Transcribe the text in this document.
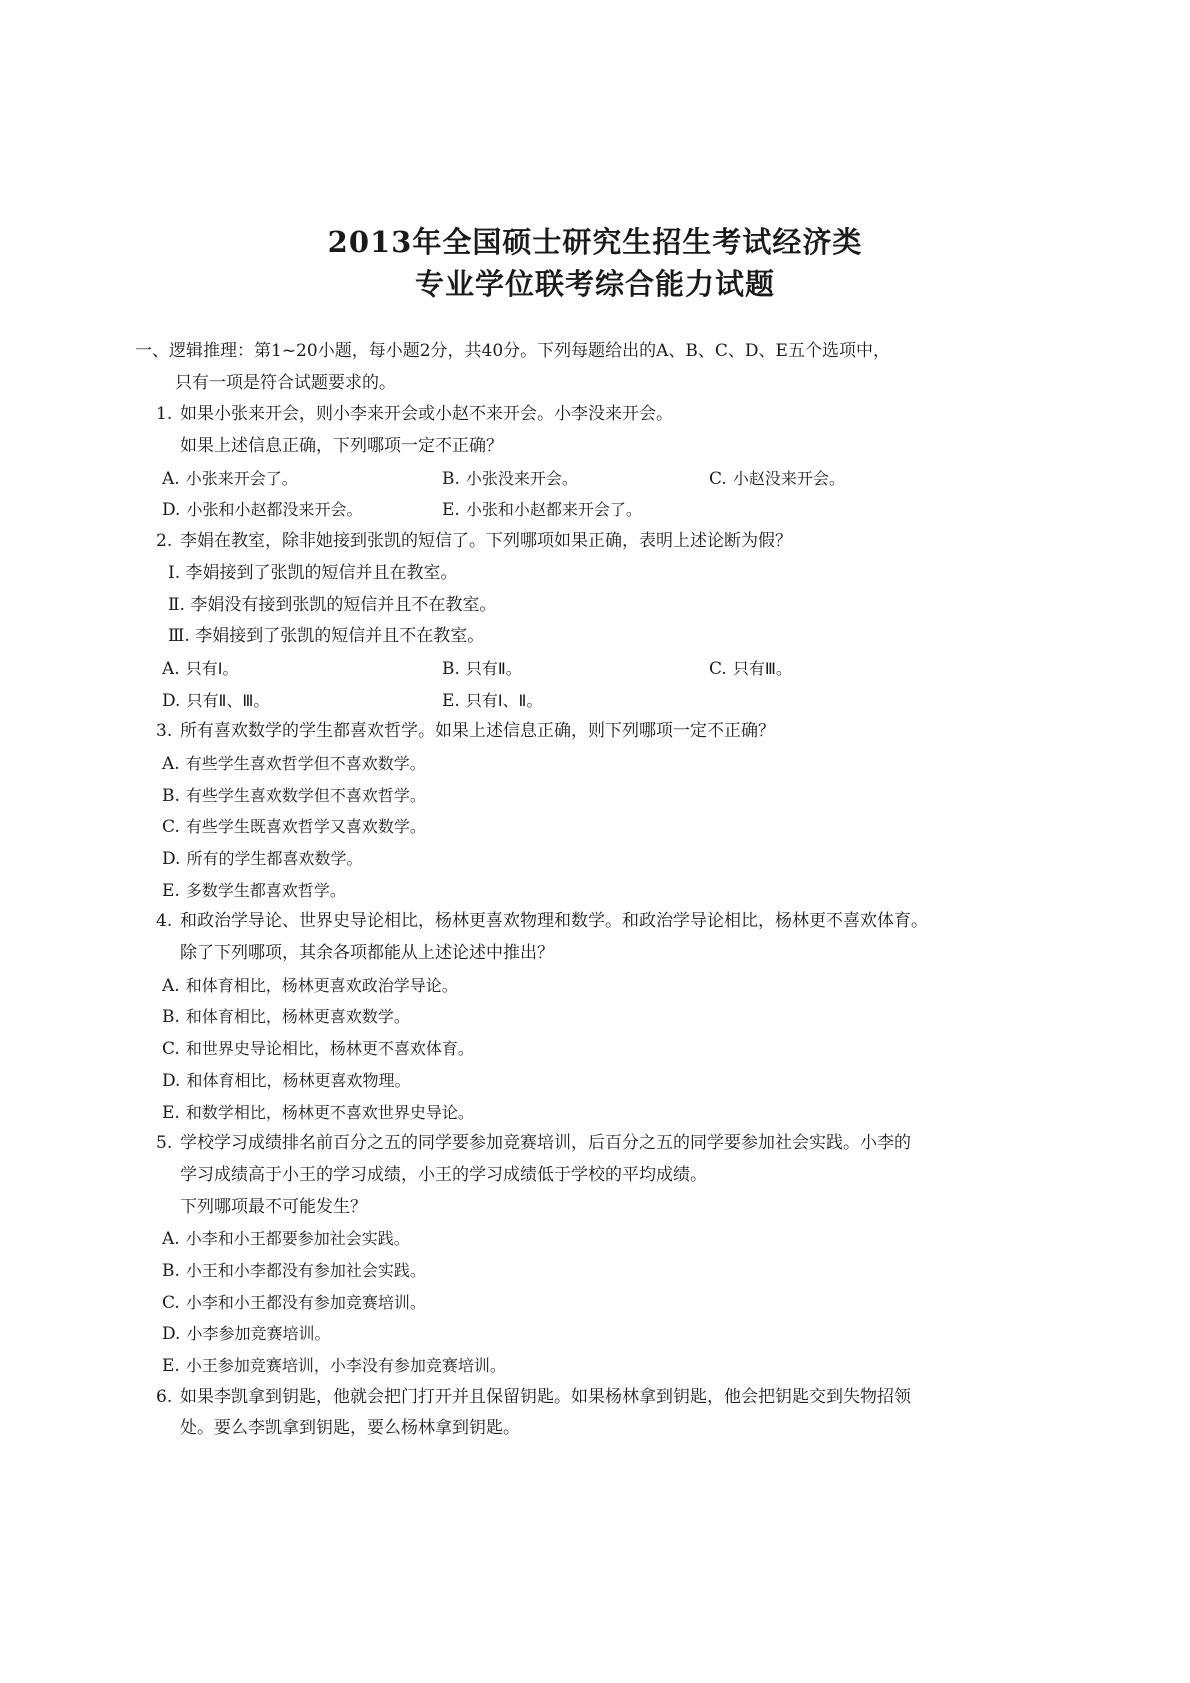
2013年全国硕士研究生招生考试经济类
专业学位联考综合能力试题
一、逻辑推理：第1~20小题，每小题2分，共40分。下列每题给出的A、B、C、D、E五个选项中，
只有一项是符合试题要求的。
1. 如果小张来开会，则小李来开会或小赵不来开会。小李没来开会。
如果上述信息正确，下列哪项一定不正确？
A. 小张来开会了。	B. 小张没来开会。	C. 小赵没来开会。
D. 小张和小赵都没来开会。	E. 小张和小赵都来开会了。
2. 李娟在教室，除非她接到张凯的短信了。下列哪项如果正确，表明上述论断为假？
Ⅰ. 李娟接到了张凯的短信并且在教室。
Ⅱ. 李娟没有接到张凯的短信并且不在教室。
Ⅲ. 李娟接到了张凯的短信并且不在教室。
A. 只有Ⅰ。	B. 只有Ⅱ。	C. 只有Ⅲ。
D. 只有Ⅱ、Ⅲ。	E. 只有Ⅰ、Ⅱ。
3. 所有喜欢数学的学生都喜欢哲学。如果上述信息正确，则下列哪项一定不正确？
A. 有些学生喜欢哲学但不喜欢数学。
B. 有些学生喜欢数学但不喜欢哲学。
C. 有些学生既喜欢哲学又喜欢数学。
D. 所有的学生都喜欢数学。
E. 多数学生都喜欢哲学。
4. 和政治学导论、世界史导论相比，杨林更喜欢物理和数学。和政治学导论相比，杨林更不喜欢体育。
除了下列哪项，其余各项都能从上述论述中推出？
A. 和体育相比，杨林更喜欢政治学导论。
B. 和体育相比，杨林更喜欢数学。
C. 和世界史导论相比，杨林更不喜欢体育。
D. 和体育相比，杨林更喜欢物理。
E. 和数学相比，杨林更不喜欢世界史导论。
5. 学校学习成绩排名前百分之五的同学要参加竞赛培训，后百分之五的同学要参加社会实践。小李的
学习成绩高于小王的学习成绩，小王的学习成绩低于学校的平均成绩。
下列哪项最不可能发生？
A. 小李和小王都要参加社会实践。
B. 小王和小李都没有参加社会实践。
C. 小李和小王都没有参加竞赛培训。
D. 小李参加竞赛培训。
E. 小王参加竞赛培训，小李没有参加竞赛培训。
6. 如果李凯拿到钥匙，他就会把门打开并且保留钥匙。如果杨林拿到钥匙，他会把钥匙交到失物招领
处。要么李凯拿到钥匙，要么杨林拿到钥匙。
